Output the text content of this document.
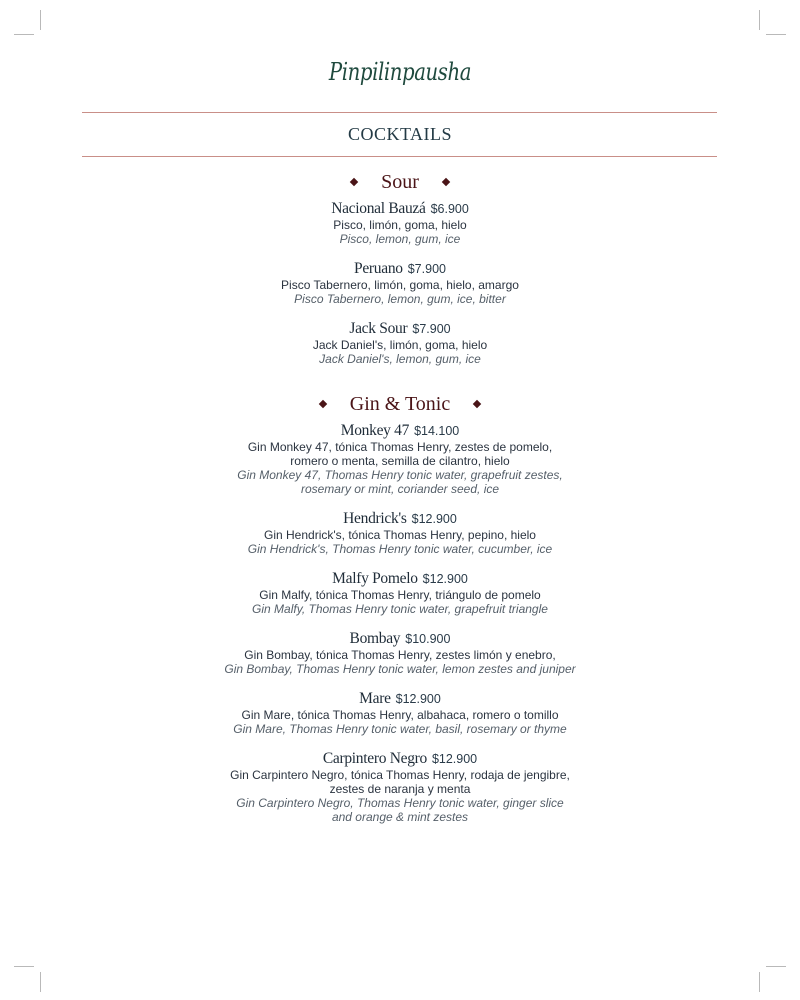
Pinpilinpausha
COCKTAILS
Sour
Nacional Bauzá $6.900
Pisco, limón, goma, hielo
Pisco, lemon, gum, ice
Peruano $7.900
Pisco Tabernero, limón, goma, hielo, amargo
Pisco Tabernero, lemon, gum, ice, bitter
Jack Sour $7.900
Jack Daniel's, limón, goma, hielo
Jack Daniel's, lemon, gum, ice
Gin & Tonic
Monkey 47 $14.100
Gin Monkey 47, tónica Thomas Henry, zestes de pomelo,
romero o menta, semilla de cilantro, hielo
Gin Monkey 47, Thomas Henry tonic water, grapefruit zestes,
rosemary or mint, coriander seed, ice
Hendrick's $12.900
Gin Hendrick's, tónica Thomas Henry, pepino, hielo
Gin Hendrick's, Thomas Henry tonic water, cucumber, ice
Malfy Pomelo $12.900
Gin Malfy, tónica Thomas Henry, triángulo de pomelo
Gin Malfy, Thomas Henry tonic water, grapefruit triangle
Bombay $10.900
Gin Bombay, tónica Thomas Henry, zestes limón y enebro,
Gin Bombay, Thomas Henry tonic water, lemon zestes and juniper
Mare $12.900
Gin Mare, tónica Thomas Henry, albahaca, romero o tomillo
Gin Mare, Thomas Henry tonic water, basil, rosemary or thyme
Carpintero Negro $12.900
Gin Carpintero Negro, tónica Thomas Henry, rodaja de jengibre,
zestes de naranja y menta
Gin Carpintero Negro, Thomas Henry tonic water, ginger slice
and orange & mint zestes
